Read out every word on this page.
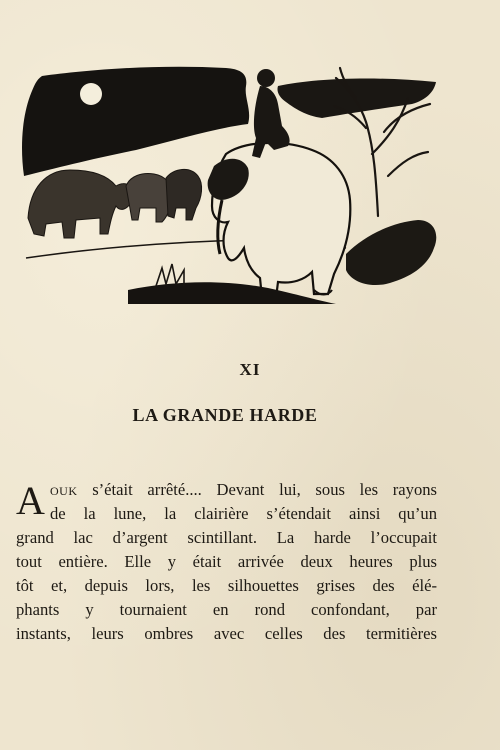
XI
LA GRANDE HARDE
A ouk s’était arrêté.... Devant lui, sous les rayons
de la lune, la clairière s’étendait ainsi qu’un
grand lac d’argent scintillant. La harde l’occupait
tout entière. Elle y était arrivée deux heures plus
tôt et, depuis lors, les silhouettes grises des élé-
phants y tournaient en rond confondant, par
instants, leurs ombres avec celles des termitières
